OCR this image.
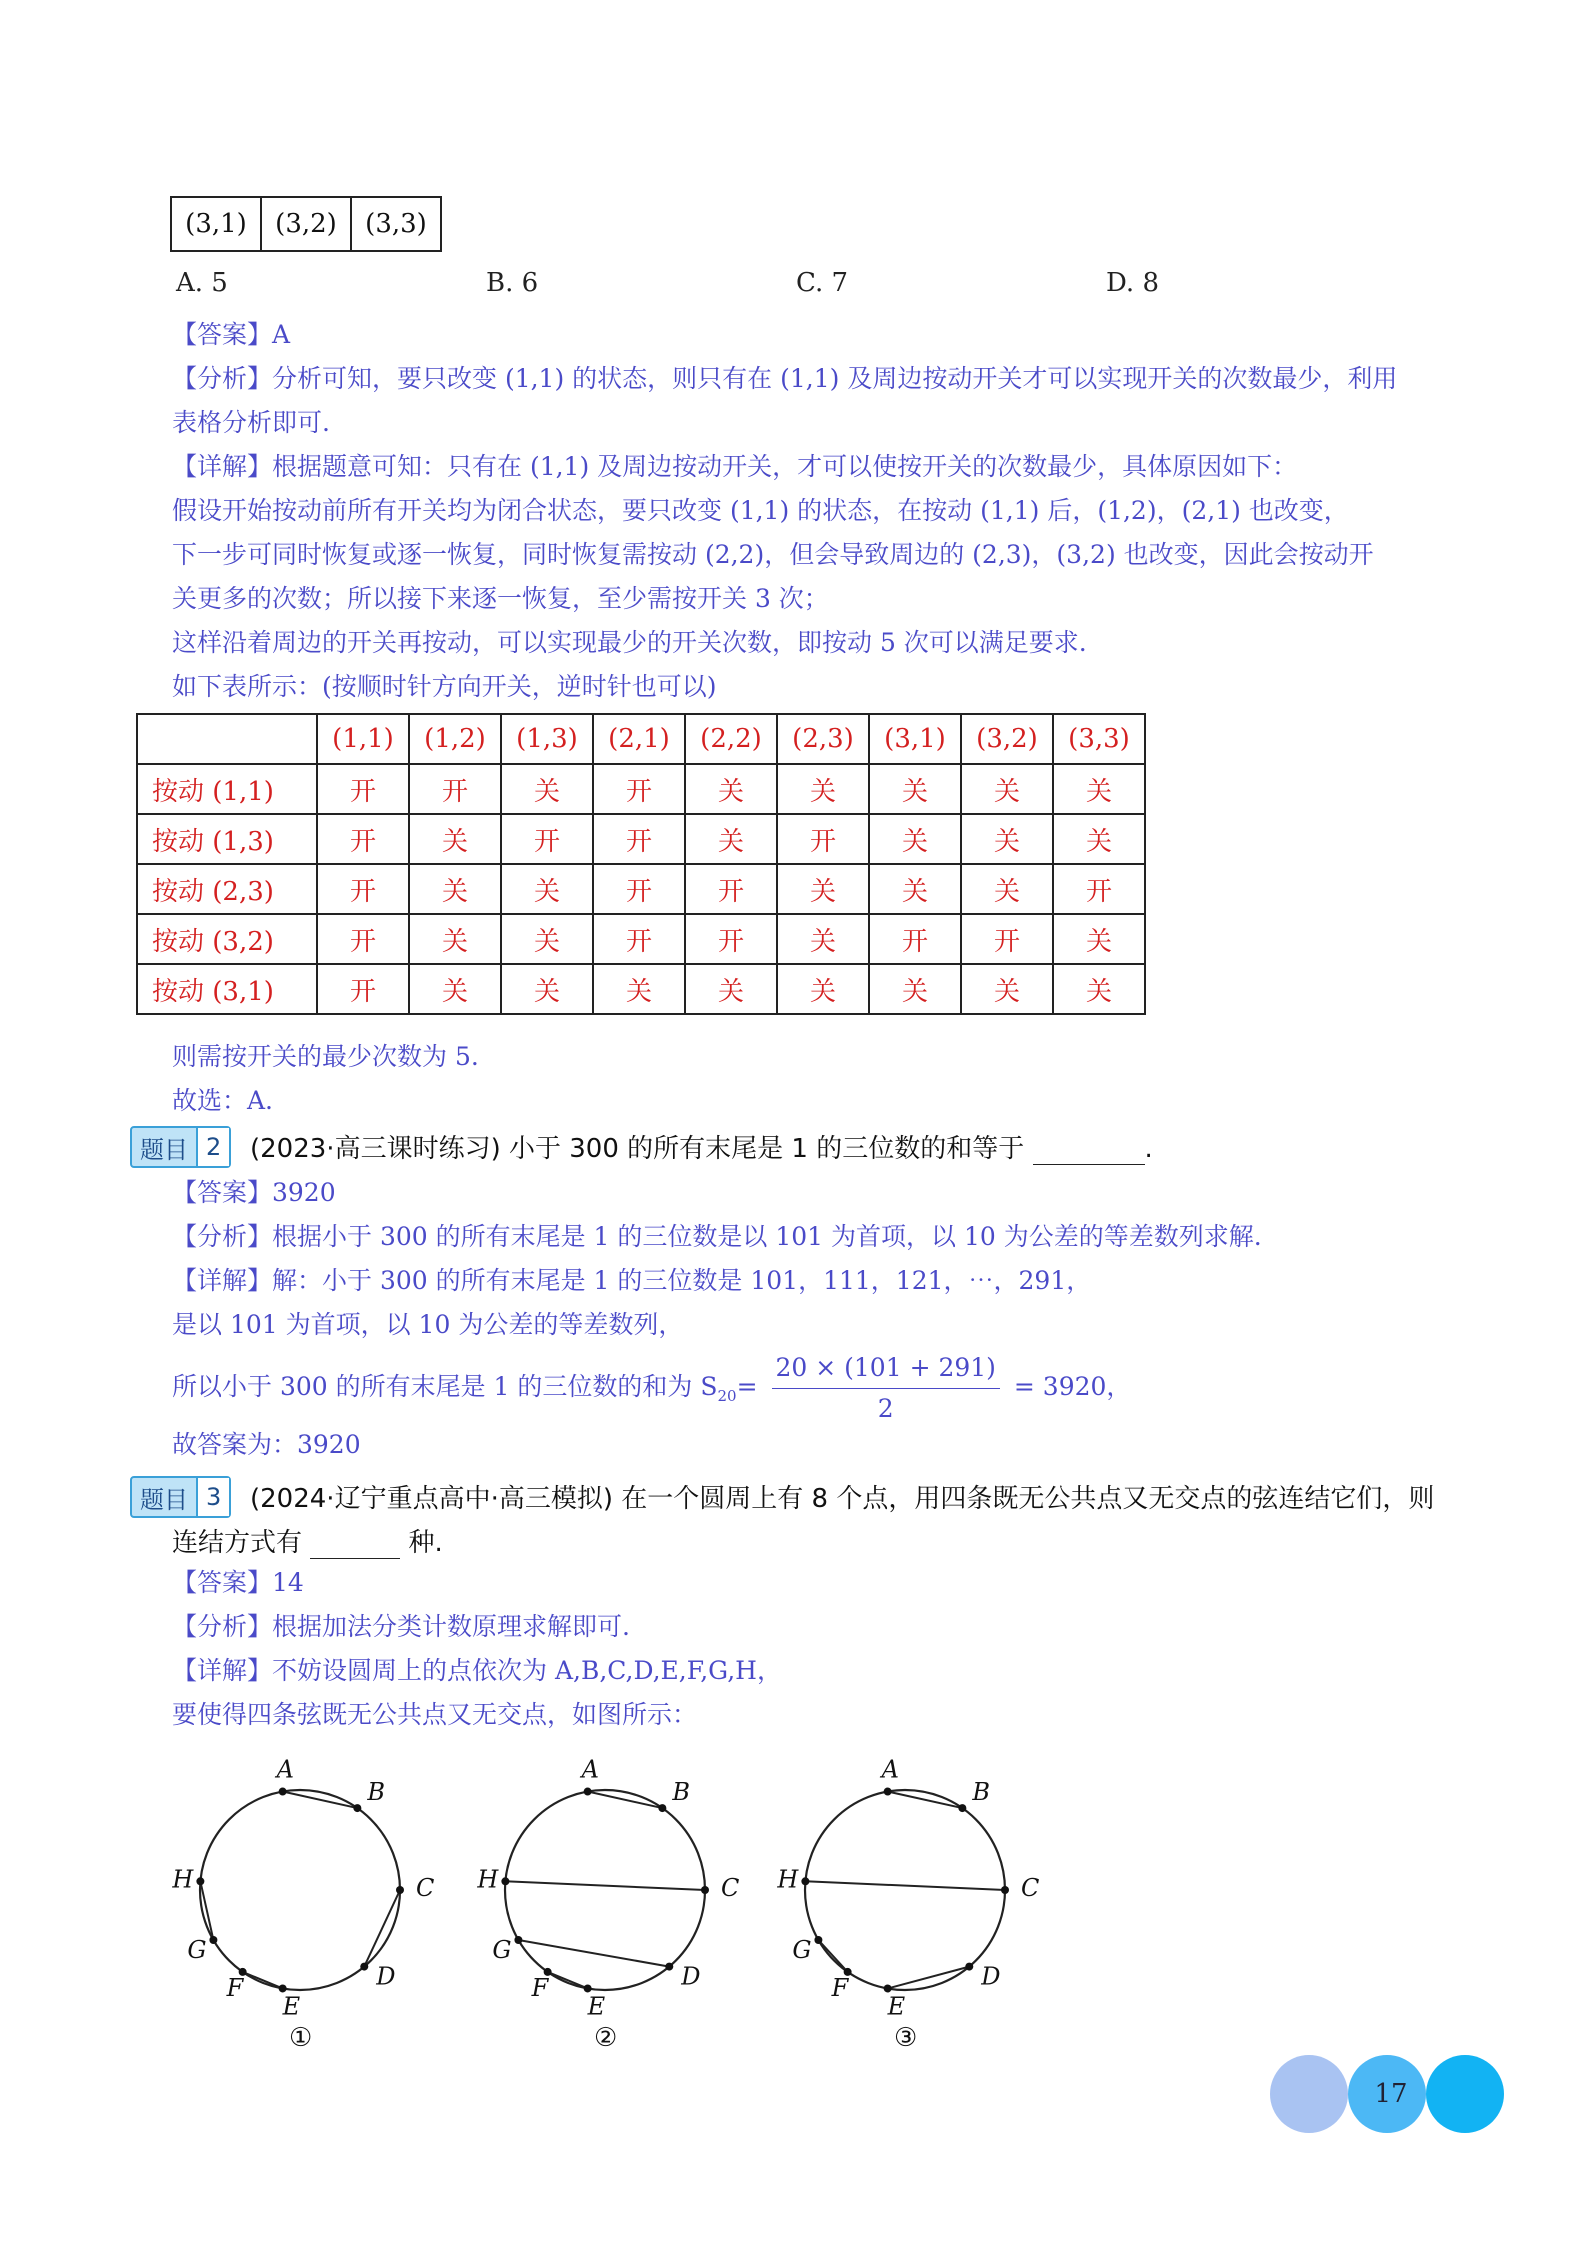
(3,1)	(3,2)	(3,3)
A. 5	B. 6	C. 7	D. 8
【答案】A
【分析】分析可知，要只改变 (1,1) 的状态，则只有在 (1,1) 及周边按动开关才可以实现开关的次数最少，利用
表格分析即可.
【详解】根据题意可知：只有在 (1,1) 及周边按动开关，才可以使按开关的次数最少，具体原因如下：
假设开始按动前所有开关均为闭合状态，要只改变 (1,1) 的状态，在按动 (1,1) 后，(1,2)，(2,1) 也改变，
下一步可同时恢复或逐一恢复，同时恢复需按动 (2,2)，但会导致周边的 (2,3)，(3,2) 也改变，因此会按动开
关更多的次数；所以接下来逐一恢复，至少需按开关 3 次；
这样沿着周边的开关再按动，可以实现最少的开关次数，即按动 5 次可以满足要求.
如下表所示：(按顺时针方向开关，逆时针也可以)
	(1,1)	(1,2)	(1,3)	(2,1)	(2,2)	(2,3)	(3,1)	(3,2)	(3,3)
按动 (1,1)	开	开	关	开	关	关	关	关	关
按动 (1,3)	开	关	开	开	关	开	关	关	关
按动 (2,3)	开	关	关	开	开	关	关	关	开
按动 (3,2)	开	关	关	开	开	关	开	开	关
按动 (3,1)	开	关	关	关	关	关	关	关	关
则需按开关的最少次数为 5.
故选：A.
题目 2	(2023·高三课时练习) 小于 300 的所有末尾是 1 的三位数的和等于	.
【答案】3920
【分析】根据小于 300 的所有末尾是 1 的三位数是以 101 为首项，以 10 为公差的等差数列求解.
【详解】解：小于 300 的所有末尾是 1 的三位数是 101，111，121，⋯，291，
是以 101 为首项，以 10 为公差的等差数列，
所以小于 300 的所有末尾是 1 的三位数的和为 $S_{20}= \frac{20 \times (101 + 291)}{2} = 3920$，
故答案为：3920
题目 3	(2024·辽宁重点高中·高三模拟) 在一个圆周上有 8 个点，用四条既无公共点又无交点的弦连结它们，则
连结方式有	种.
【答案】14
【分析】根据加法分类计数原理求解即可.
【详解】不妨设圆周上的点依次为 A,B,C,D,E,F,G,H，
要使得四条弦既无公共点又无交点，如图所示：
A
B
C
D
E
F
G
H
①
A
B
C
D
E
F
G
H
②
A
B
C
D
E
F
G
H
③
17
